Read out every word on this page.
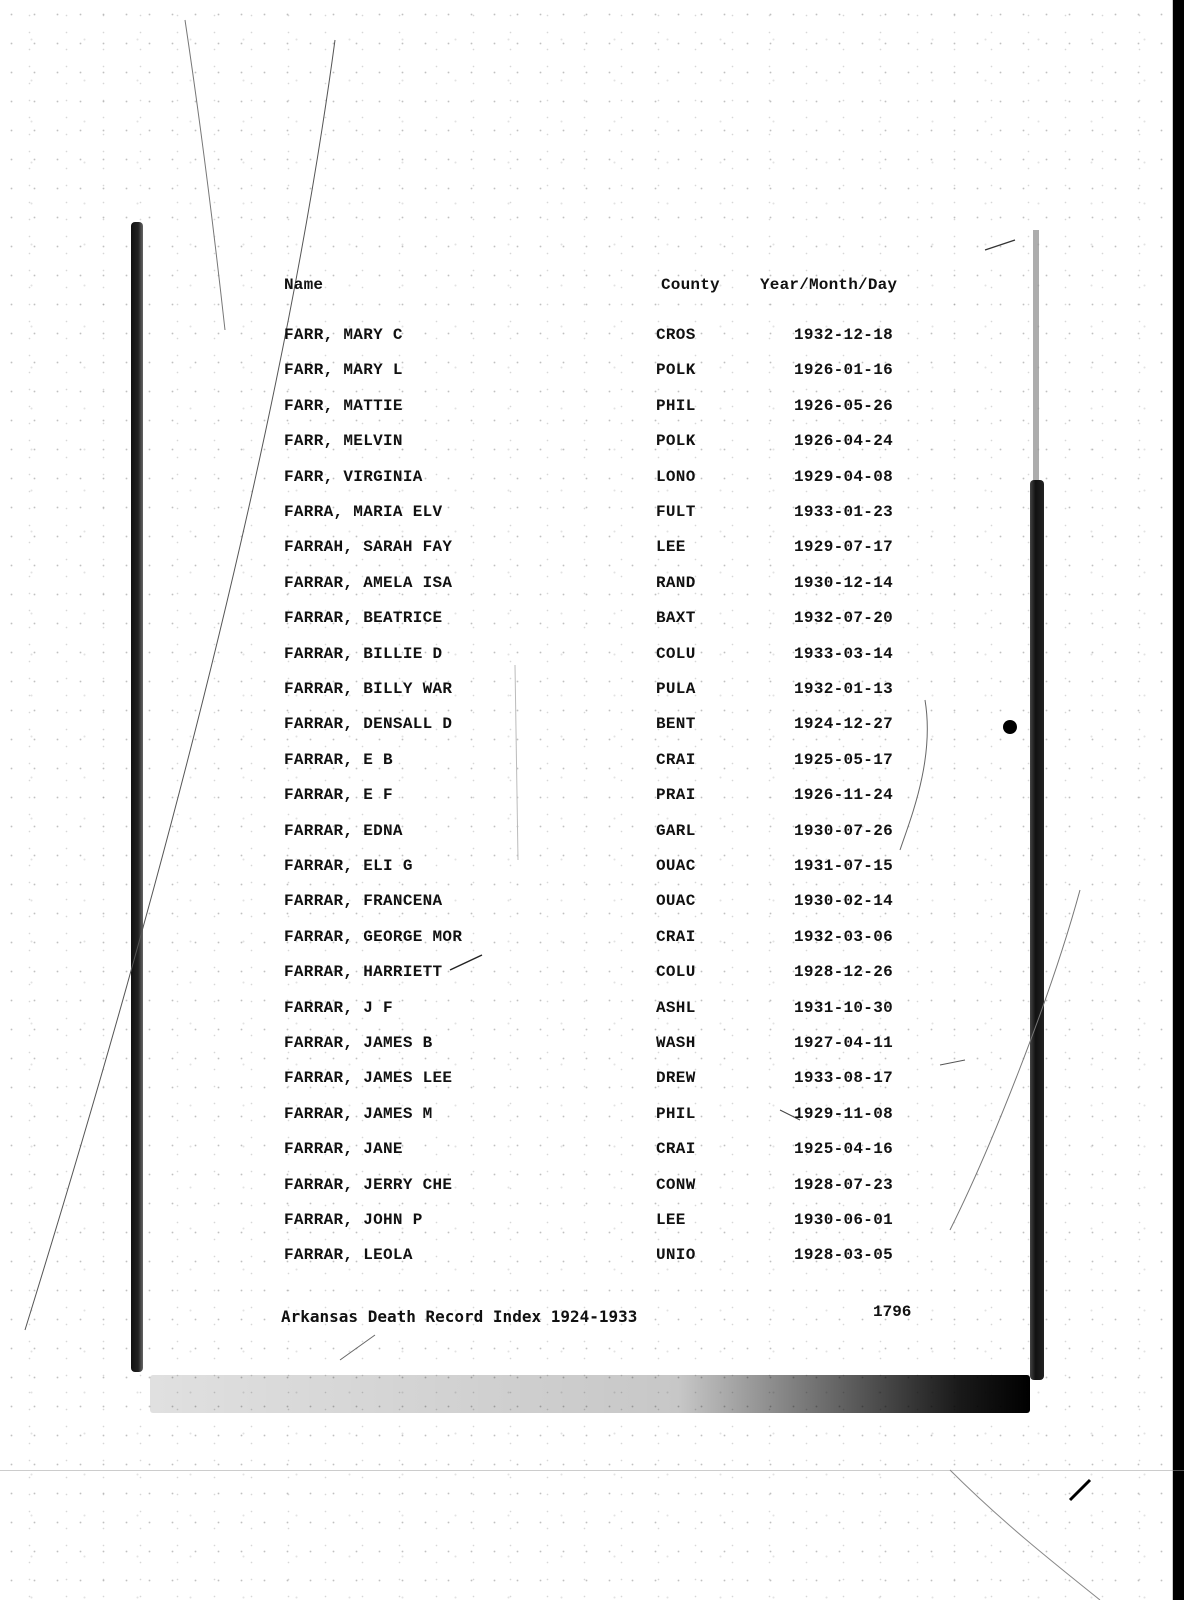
Name	County	Year/Month/Day
FARR, MARY C	CROS	1932-12-18
FARR, MARY L	POLK	1926-01-16
FARR, MATTIE	PHIL	1926-05-26
FARR, MELVIN	POLK	1926-04-24
FARR, VIRGINIA	LONO	1929-04-08
FARRA, MARIA ELV	FULT	1933-01-23
FARRAH, SARAH FAY	LEE	1929-07-17
FARRAR, AMELA ISA	RAND	1930-12-14
FARRAR, BEATRICE	BAXT	1932-07-20
FARRAR, BILLIE D	COLU	1933-03-14
FARRAR, BILLY WAR	PULA	1932-01-13
FARRAR, DENSALL D	BENT	1924-12-27
FARRAR, E B	CRAI	1925-05-17
FARRAR, E F	PRAI	1926-11-24
FARRAR, EDNA	GARL	1930-07-26
FARRAR, ELI G	OUAC	1931-07-15
FARRAR, FRANCENA	OUAC	1930-02-14
FARRAR, GEORGE MOR	CRAI	1932-03-06
FARRAR, HARRIETT	COLU	1928-12-26
FARRAR, J F	ASHL	1931-10-30
FARRAR, JAMES B	WASH	1927-04-11
FARRAR, JAMES LEE	DREW	1933-08-17
FARRAR, JAMES M	PHIL	1929-11-08
FARRAR, JANE	CRAI	1925-04-16
FARRAR, JERRY CHE	CONW	1928-07-23
FARRAR, JOHN P	LEE	1930-06-01
FARRAR, LEOLA	UNIO	1928-03-05
Arkansas Death Record Index 1924-1933	1796
